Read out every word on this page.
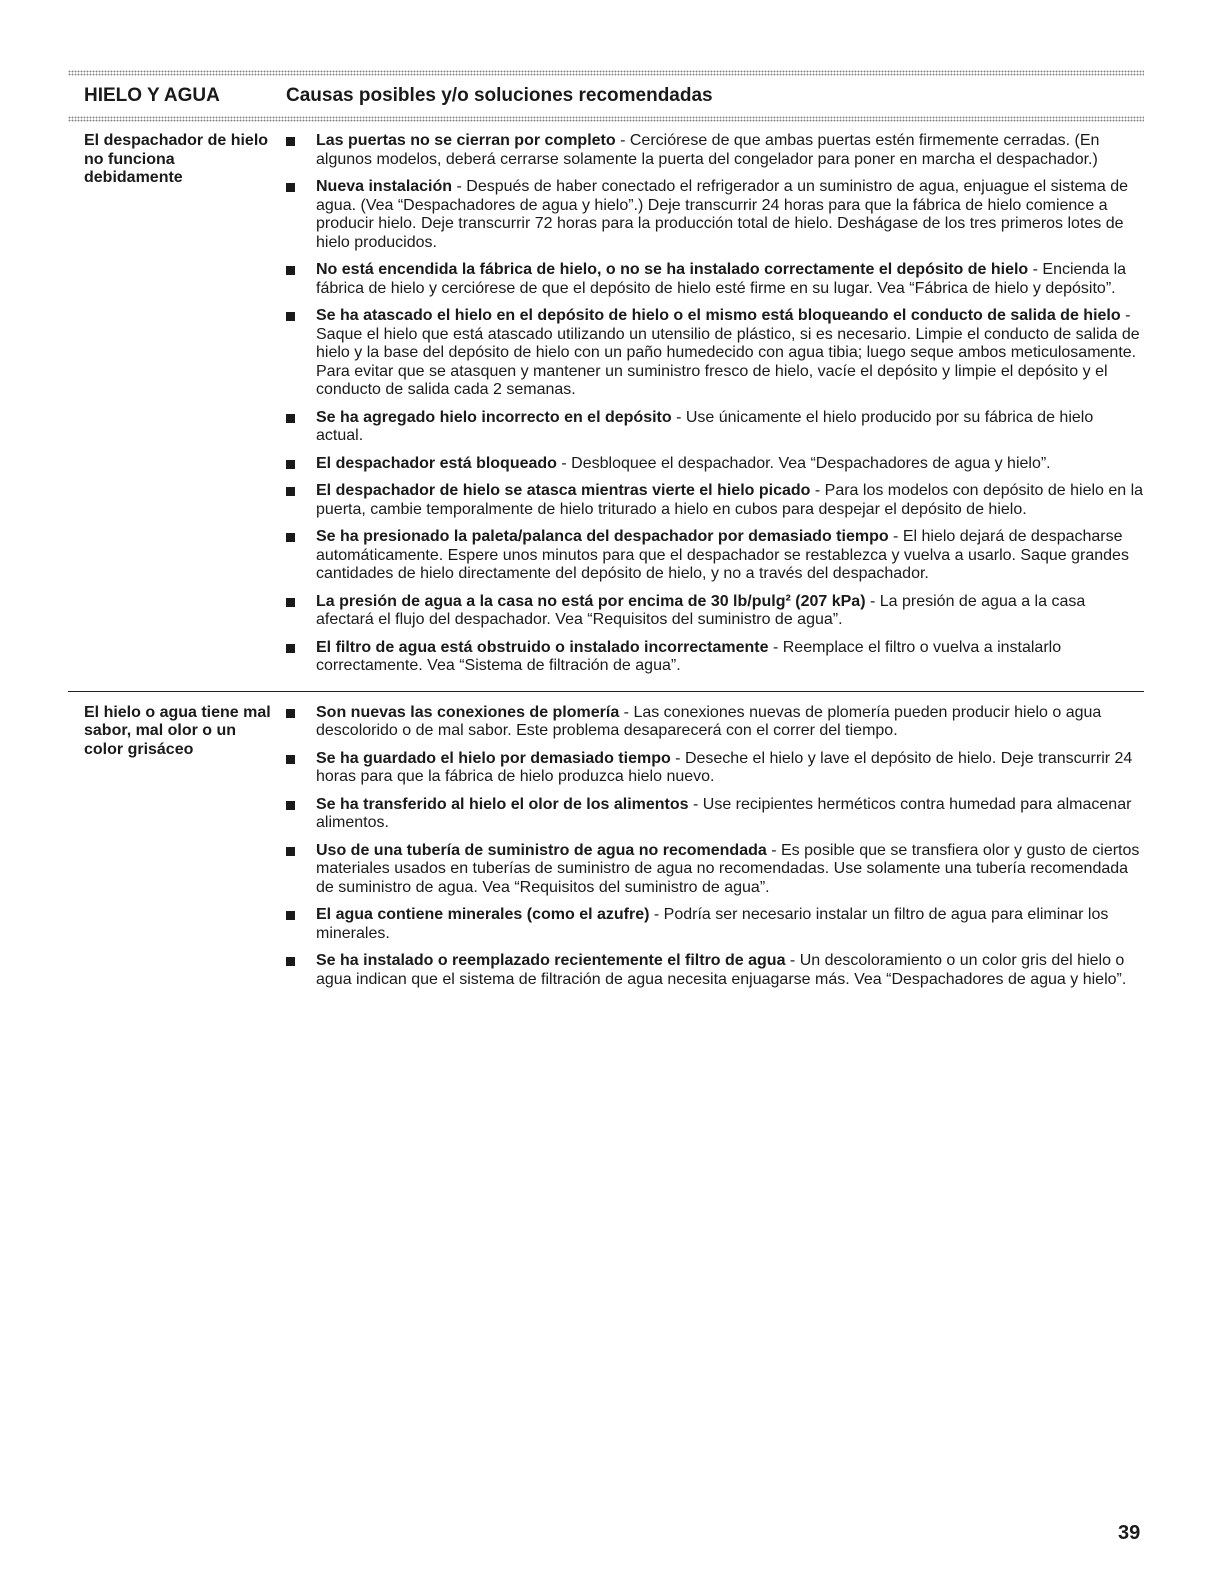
HIELO Y AGUA	Causas posibles y/o soluciones recomendadas
El despachador de hielo no funciona debidamente
Las puertas no se cierran por completo - Cerciórese de que ambas puertas estén firmemente cerradas. (En algunos modelos, deberá cerrarse solamente la puerta del congelador para poner en marcha el despachador.)
Nueva instalación - Después de haber conectado el refrigerador a un suministro de agua, enjuague el sistema de agua. (Vea “Despachadores de agua y hielo”.) Deje transcurrir 24 horas para que la fábrica de hielo comience a producir hielo. Deje transcurrir 72 horas para la producción total de hielo. Deshágase de los tres primeros lotes de hielo producidos.
No está encendida la fábrica de hielo, o no se ha instalado correctamente el depósito de hielo - Encienda la fábrica de hielo y cerciórese de que el depósito de hielo esté firme en su lugar. Vea “Fábrica de hielo y depósito”.
Se ha atascado el hielo en el depósito de hielo o el mismo está bloqueando el conducto de salida de hielo - Saque el hielo que está atascado utilizando un utensilio de plástico, si es necesario. Limpie el conducto de salida de hielo y la base del depósito de hielo con un paño humedecido con agua tibia; luego seque ambos meticulosamente. Para evitar que se atasquen y mantener un suministro fresco de hielo, vacíe el depósito y limpie el depósito y el conducto de salida cada 2 semanas.
Se ha agregado hielo incorrecto en el depósito - Use únicamente el hielo producido por su fábrica de hielo actual.
El despachador está bloqueado - Desbloquee el despachador. Vea “Despachadores de agua y hielo”.
El despachador de hielo se atasca mientras vierte el hielo picado - Para los modelos con depósito de hielo en la puerta, cambie temporalmente de hielo triturado a hielo en cubos para despejar el depósito de hielo.
Se ha presionado la paleta/palanca del despachador por demasiado tiempo - El hielo dejará de despacharse automáticamente. Espere unos minutos para que el despachador se restablezca y vuelva a usarlo. Saque grandes cantidades de hielo directamente del depósito de hielo, y no a través del despachador.
La presión de agua a la casa no está por encima de 30 lb/pulg² (207 kPa) - La presión de agua a la casa afectará el flujo del despachador. Vea “Requisitos del suministro de agua”.
El filtro de agua está obstruido o instalado incorrectamente - Reemplace el filtro o vuelva a instalarlo correctamente. Vea “Sistema de filtración de agua”.
El hielo o agua tiene mal sabor, mal olor o un color grisáceo
Son nuevas las conexiones de plomería - Las conexiones nuevas de plomería pueden producir hielo o agua descolorido o de mal sabor. Este problema desaparecerá con el correr del tiempo.
Se ha guardado el hielo por demasiado tiempo - Deseche el hielo y lave el depósito de hielo. Deje transcurrir 24 horas para que la fábrica de hielo produzca hielo nuevo.
Se ha transferido al hielo el olor de los alimentos - Use recipientes herméticos contra humedad para almacenar alimentos.
Uso de una tubería de suministro de agua no recomendada - Es posible que se transfiera olor y gusto de ciertos materiales usados en tuberías de suministro de agua no recomendadas. Use solamente una tubería recomendada de suministro de agua. Vea “Requisitos del suministro de agua”.
El agua contiene minerales (como el azufre) - Podría ser necesario instalar un filtro de agua para eliminar los minerales.
Se ha instalado o reemplazado recientemente el filtro de agua - Un descoloramiento o un color gris del hielo o agua indican que el sistema de filtración de agua necesita enjuagarse más. Vea “Despachadores de agua y hielo”.
39
